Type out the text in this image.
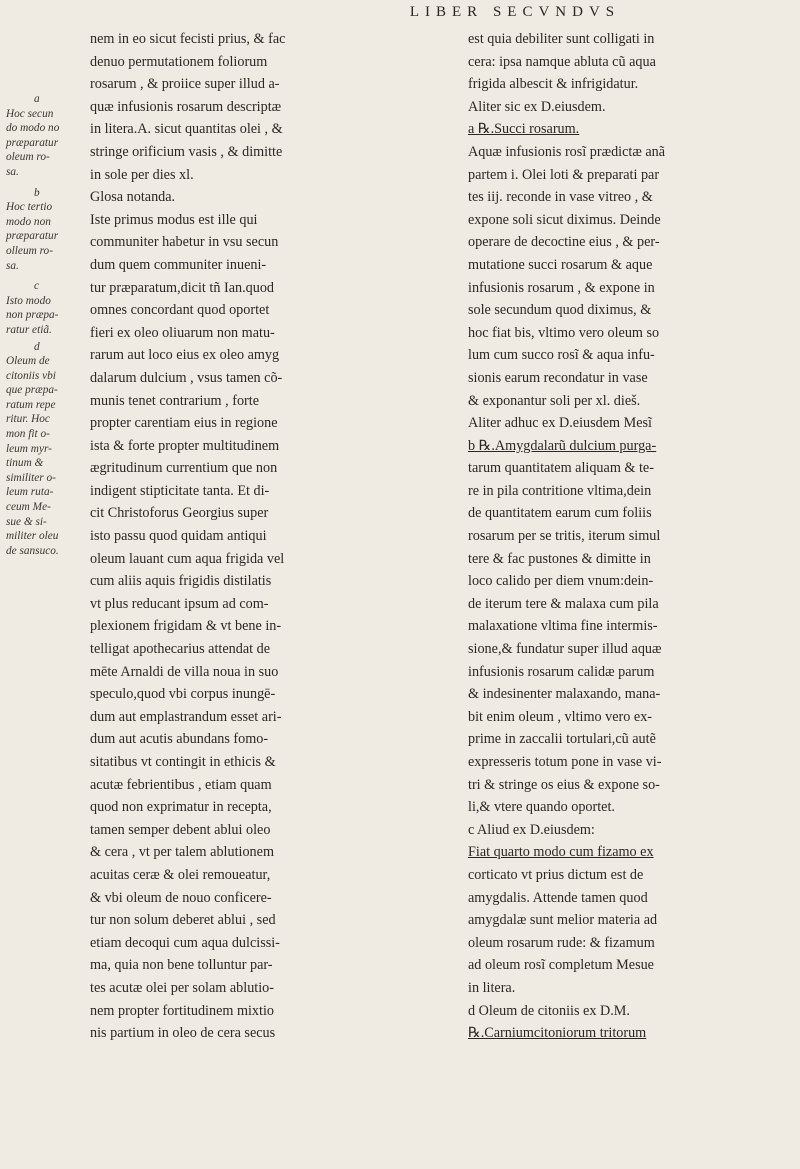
LIBER SECVNDVS
a
Hoc secun
do modo no
præparatur
oleum ro-
sa.
b
Hoc tertio
modo non
præparatur
olleum ro-
sa.
c
Isto modo
non præpa-
ratur etiã.
d
Oleum de
citoniis vbi
que præpa-
ratum repe
ritur. Hoc
mon fit o-
leum myr-
tinum &
similiter o-
leum ruta-
ceum Me-
sue & si-
militer oleu
de sansuco.
nem in eo sicut fecisti prius, & fac
denuo permutationem foliorum
rosarum , & proiice super illud a-
quæ infusionis rosarum descriptæ
in litera.A. sicut quantitas olei , &
stringe orificium vasis , & dimitte
in sole per dies xl.
Glosa notanda.
Iste primus modus est ille qui
communiter habetur in vsu secun
dum quem communiter inueni-
tur præparatum,dicit tñ Ian.quod
omnes concordant quod oportet
fieri ex oleo oliuarum non matu-
rarum aut loco eius ex oleo amyg
dalarum dulcium , vsus tamen cõ-
munis tenet contrarium , forte
propter carentiam eius in regione
ista & forte propter multitudinem
ægritudinum currentium que non
indigent stipticitate tanta. Et di-
cit Christoforus Georgius super
isto passu quod quidam antiqui
oleum lauant cum aqua frigida vel
cum aliis aquis frigidis distilatis
vt plus reducant ipsum ad com-
plexionem frigidam & vt bene in-
telligat apothecarius attendat de
mēte Arnaldi de villa noua in suo
speculo,quod vbi corpus inungē-
dum aut emplastrandum esset ari-
dum aut acutis abundans fomo-
sitatibus vt contingit in ethicis &
acutæ febrientibus , etiam quam
quod non exprimatur in recepta,
tamen semper debent ablui oleo
& cera , vt per talem ablutionem
acuitas ceræ & olei remoueatur,
& vbi oleum de nouo conficere-
tur non solum deberet ablui , sed
etiam decoqui cum aqua dulcissi-
ma, quia non bene tolluntur par-
tes acutæ olei per solam ablutio-
nem propter fortitudinem mixtio
nis partium in oleo de cera secus
est quia debiliter sunt colligati in
cera: ipsa namque abluta cũ aqua
frigida albescit & infrigidatur.
Aliter sic ex D.eiusdem.
a ℞.Succi rosarum.
Aquæ infusionis rosĩ prædictæ anã
partem i. Olei loti & preparati par
tes iij. reconde in vase vitreo , &
expone soli sicut diximus. Deinde
operare de decoctine eius , & per-
mutatione succi rosarum & aque
infusionis rosarum , & expone in
sole secundum quod diximus, &
hoc fiat bis, vltimo vero oleum so
lum cum succo rosĩ & aqua infu-
sionis earum recondatur in vase
& exponantur soli per xl. dieš.
Aliter adhuc ex D.eiusdem Mesĩ
b ℞.Amygdalarũ dulcium purga-
tarum quantitatem aliquam & te-
re in pila contritione vltima,dein
de quantitatem earum cum foliis
rosarum per se tritis, iterum simul
tere & fac pustones & dimitte in
loco calido per diem vnum:dein-
de iterum tere & malaxa cum pila
malaxatione vltima fine intermis-
sione,& fundatur super illud aquæ
infusionis rosarum calidæ parum
& indesinenter malaxando, mana-
bit enim oleum , vltimo vero ex-
prime in zaccalii tortulari,cũ autẽ
expresseris totum pone in vase vi-
tri & stringe os eius & expone so-
li,& vtere quando oportet.
c Aliud ex D.eiusdem:
Fiat quarto modo cum fizamo ex
corticato vt prius dictum est de
amygdalis. Attende tamen quod
amygdalæ sunt melior materia ad
oleum rosarum rude: & fizamum
ad oleum rosĩ completum Mesue
in litera.
d Oleum de citoniis ex D.M.
℞.Carniumcitoniorum tritorum
